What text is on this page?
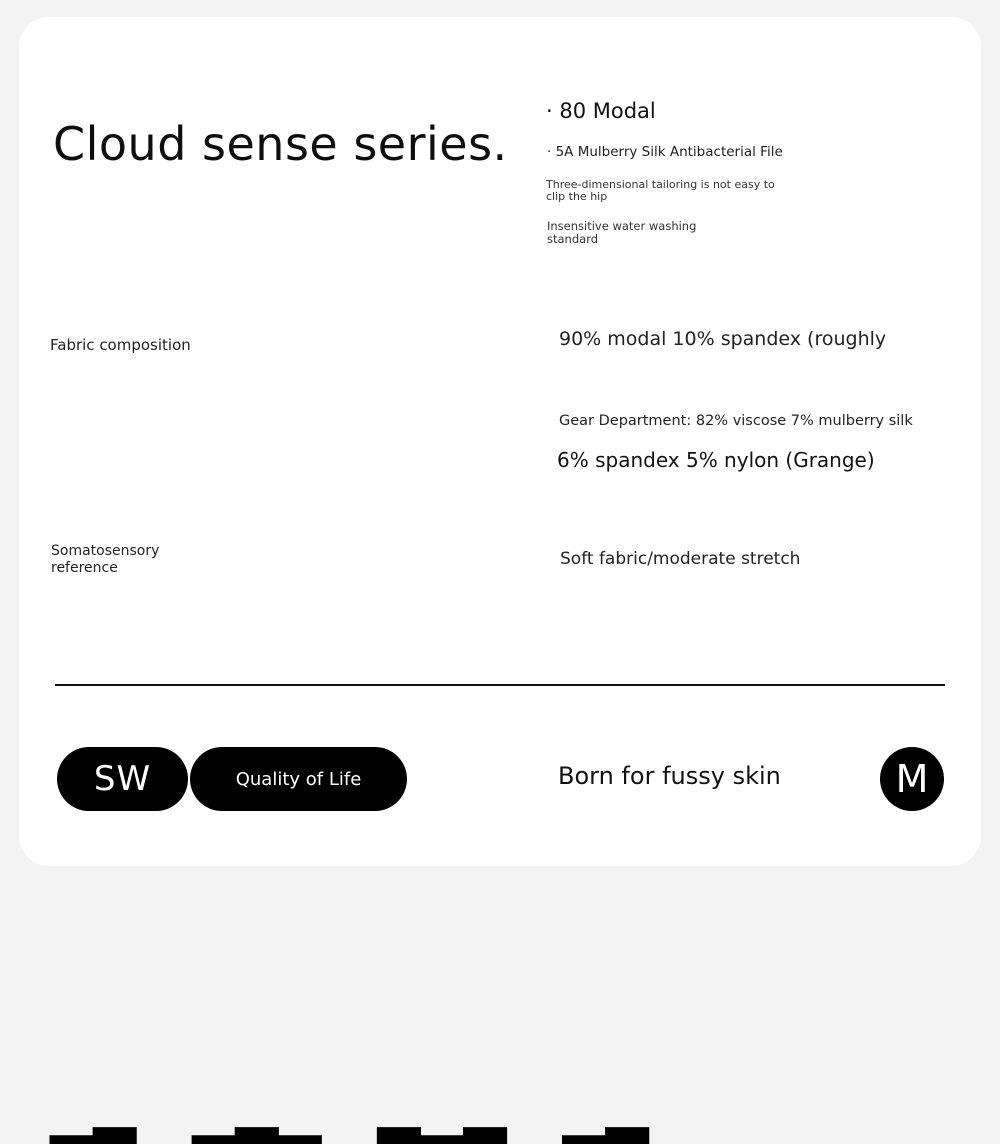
Cloud sense series.
· 80 Modal
· 5A Mulberry Silk Antibacterial File
Three-dimensional tailoring is not easy to clip the hip
Insensitive water washing standard
Fabric composition	90% modal 10% spandex (roughly
Gear Department: 82% viscose 7% mulberry silk
6% spandex 5% nylon (Grange)
Somatosensory reference	Soft fabric/moderate stretch
SW	Quality of Life	Born for fussy skin	M
▁▂ ▁▂▁ ▂▁▂ ▁▂
